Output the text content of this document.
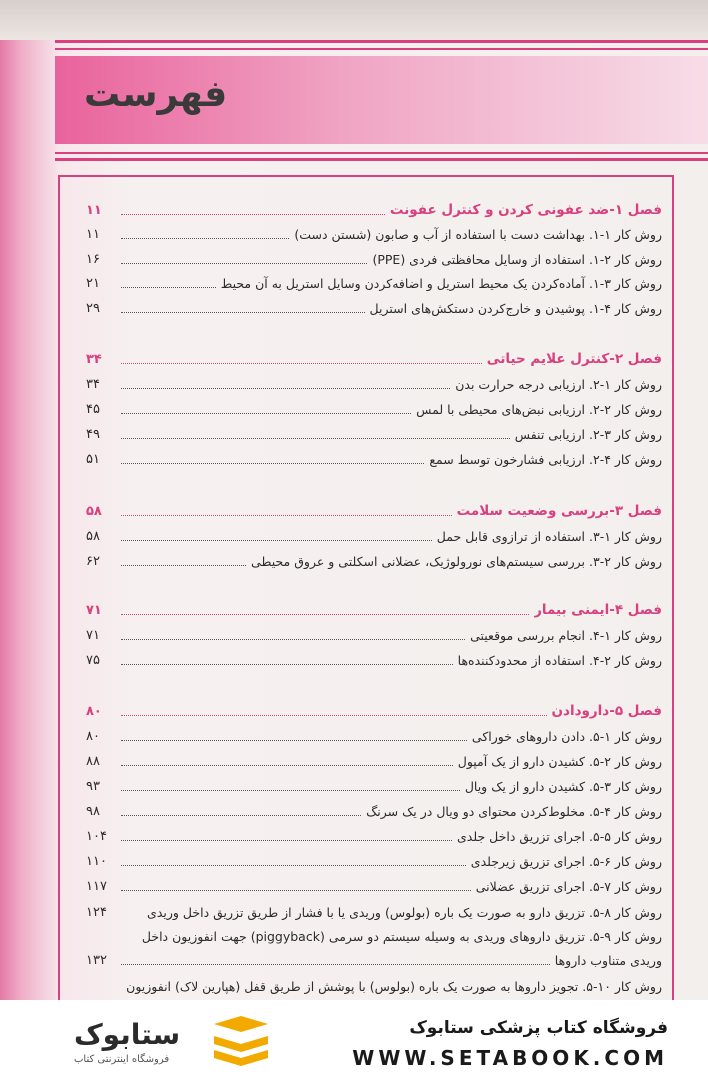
فهرست
فصل ۱-ضد عفونی کردن و کنترل عفونت
۱۱
روش کار ۱-۱. بهداشت دست با استفاده از آب و صابون (شستن دست)
۱۱
روش کار ۲-۱. استفاده از وسایل محافظتی فردی (PPE)
۱۶
روش کار ۳-۱. آماده‌کردن یک محیط استریل و اضافه‌کردن وسایل استریل به آن محیط
۲۱
روش کار ۴-۱. پوشیدن و خارج‌کردن دستکش‌های استریل
۲۹
فصل ۲-کنترل علایم حیاتی
۳۴
روش کار ۱-۲. ارزیابی درجه حرارت بدن
۳۴
روش کار ۲-۲. ارزیابی نبض‌های محیطی با لمس
۴۵
روش کار ۳-۲. ارزیابی تنفس
۴۹
روش کار ۴-۲. ارزیابی فشارخون توسط سمع
۵۱
فصل ۳-بررسی وضعیت سلامت
۵۸
روش کار ۱-۳. استفاده از ترازوی قابل حمل
۵۸
روش کار ۲-۳. بررسی سیستم‌های نورولوژیک، عضلانی اسکلتی و عروق محیطی
۶۲
فصل ۴-ایمنی بیمار
۷۱
روش کار ۱-۴. انجام بررسی موقعیتی
۷۱
روش کار ۲-۴. استفاده از محدودکننده‌ها
۷۵
فصل ۵-دارودادن
۸۰
روش کار ۱-۵. دادن داروهای خوراکی
۸۰
روش کار ۲-۵. کشیدن دارو از یک آمپول
۸۸
روش کار ۳-۵. کشیدن دارو از یک ویال
۹۳
روش کار ۴-۵. مخلوط‌کردن محتوای دو ویال در یک سرنگ
۹۸
روش کار ۵-۵. اجرای تزریق داخل جلدی
۱۰۴
روش کار ۶-۵. اجرای تزریق زیرجلدی
۱۱۰
روش کار ۷-۵. اجرای تزریق عضلانی
۱۱۷
روش کار ۸-۵. تزریق دارو به صورت یک باره (بولوس) وریدی یا با فشار از طریق تزریق داخل وریدی
۱۲۴
روش کار ۹-۵. تزریق داروهای وریدی به وسیله سیستم دو سرمی (piggyback) جهت انفوزیون داخل
وریدی متناوب داروها
۱۳۲
روش کار ۱۰-۵. تجویز داروها به صورت یک باره (بولوس) با پوشش از طریق قفل (هپارین لاک) انفوزیون
ستابوک
فروشگاه اینترنتی کتاب
فروشگاه کتاب پزشکی ستابوک
WWW.SETABOOK.COM
